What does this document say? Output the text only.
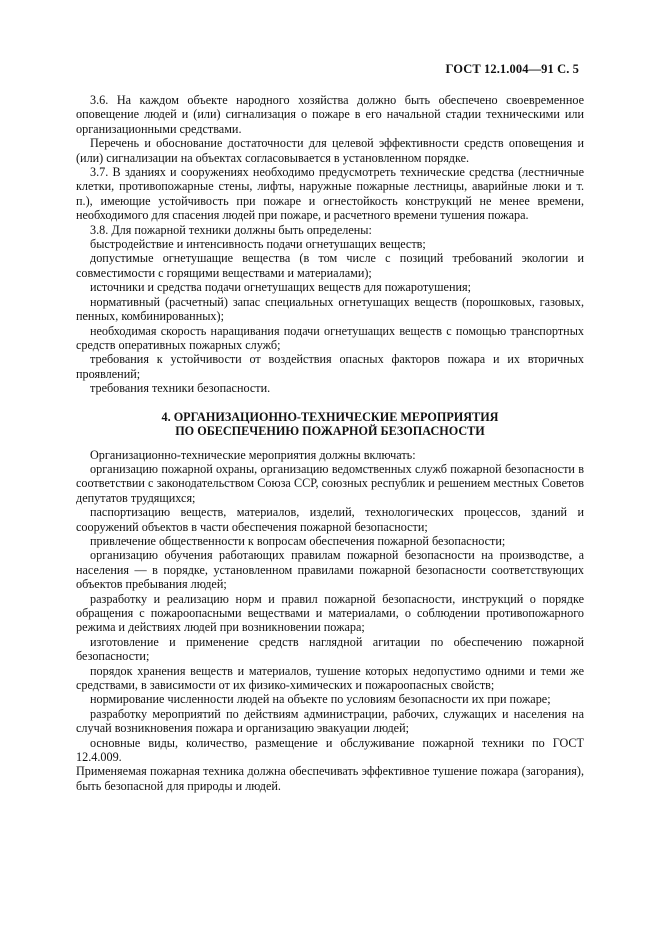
ГОСТ 12.1.004—91 С. 5

3.6. На каждом объекте народного хозяйства должно быть обеспечено своевременное оповещение людей и (или) сигнализация о пожаре в его начальной стадии техническими или организационными средствами.

Перечень и обоснование достаточности для целевой эффективности средств оповещения и (или) сигнализации на объектах согласовывается в установленном порядке.

3.7. В зданиях и сооружениях необходимо предусмотреть технические средства (лестничные клетки, противопожарные стены, лифты, наружные пожарные лестницы, аварийные люки и т. п.), имеющие устойчивость при пожаре и огнестойкость конструкций не менее времени, необходимого для спасения людей при пожаре, и расчетного времени тушения пожара.

3.8. Для пожарной техники должны быть определены:

быстродействие и интенсивность подачи огнетушащих веществ;

допустимые огнетушащие вещества (в том числе с позиций требований экологии и совместимости с горящими веществами и материалами);

источники и средства подачи огнетушащих веществ для пожаротушения;

нормативный (расчетный) запас специальных огнетушащих веществ (порошковых, газовых, пенных, комбинированных);

необходимая скорость наращивания подачи огнетушащих веществ с помощью транспортных средств оперативных пожарных служб;

требования к устойчивости от воздействия опасных факторов пожара и их вторичных проявлений;

требования техники безопасности.

4. ОРГАНИЗАЦИОННО-ТЕХНИЧЕСКИЕ МЕРОПРИЯТИЯ
ПО ОБЕСПЕЧЕНИЮ ПОЖАРНОЙ БЕЗОПАСНОСТИ

Организационно-технические мероприятия должны включать:

организацию пожарной охраны, организацию ведомственных служб пожарной безопасности в соответствии с законодательством Союза ССР, союзных республик и решением местных Советов депутатов трудящихся;

паспортизацию веществ, материалов, изделий, технологических процессов, зданий и сооружений объектов в части обеспечения пожарной безопасности;

привлечение общественности к вопросам обеспечения пожарной безопасности;

организацию обучения работающих правилам пожарной безопасности на производстве, а населения — в порядке, установленном правилами пожарной безопасности соответствующих объектов пребывания людей;

разработку и реализацию норм и правил пожарной безопасности, инструкций о порядке обращения с пожароопасными веществами и материалами, о соблюдении противопожарного режима и действиях людей при возникновении пожара;

изготовление и применение средств наглядной агитации по обеспечению пожарной безопасности;

порядок хранения веществ и материалов, тушение которых недопустимо одними и теми же средствами, в зависимости от их физико-химических и пожароопасных свойств;

нормирование численности людей на объекте по условиям безопасности их при пожаре;

разработку мероприятий по действиям администрации, рабочих, служащих и населения на случай возникновения пожара и организацию эвакуации людей;

основные виды, количество, размещение и обслуживание пожарной техники по ГОСТ 12.4.009.

Применяемая пожарная техника должна обеспечивать эффективное тушение пожара (загорания), быть безопасной для природы и людей.
